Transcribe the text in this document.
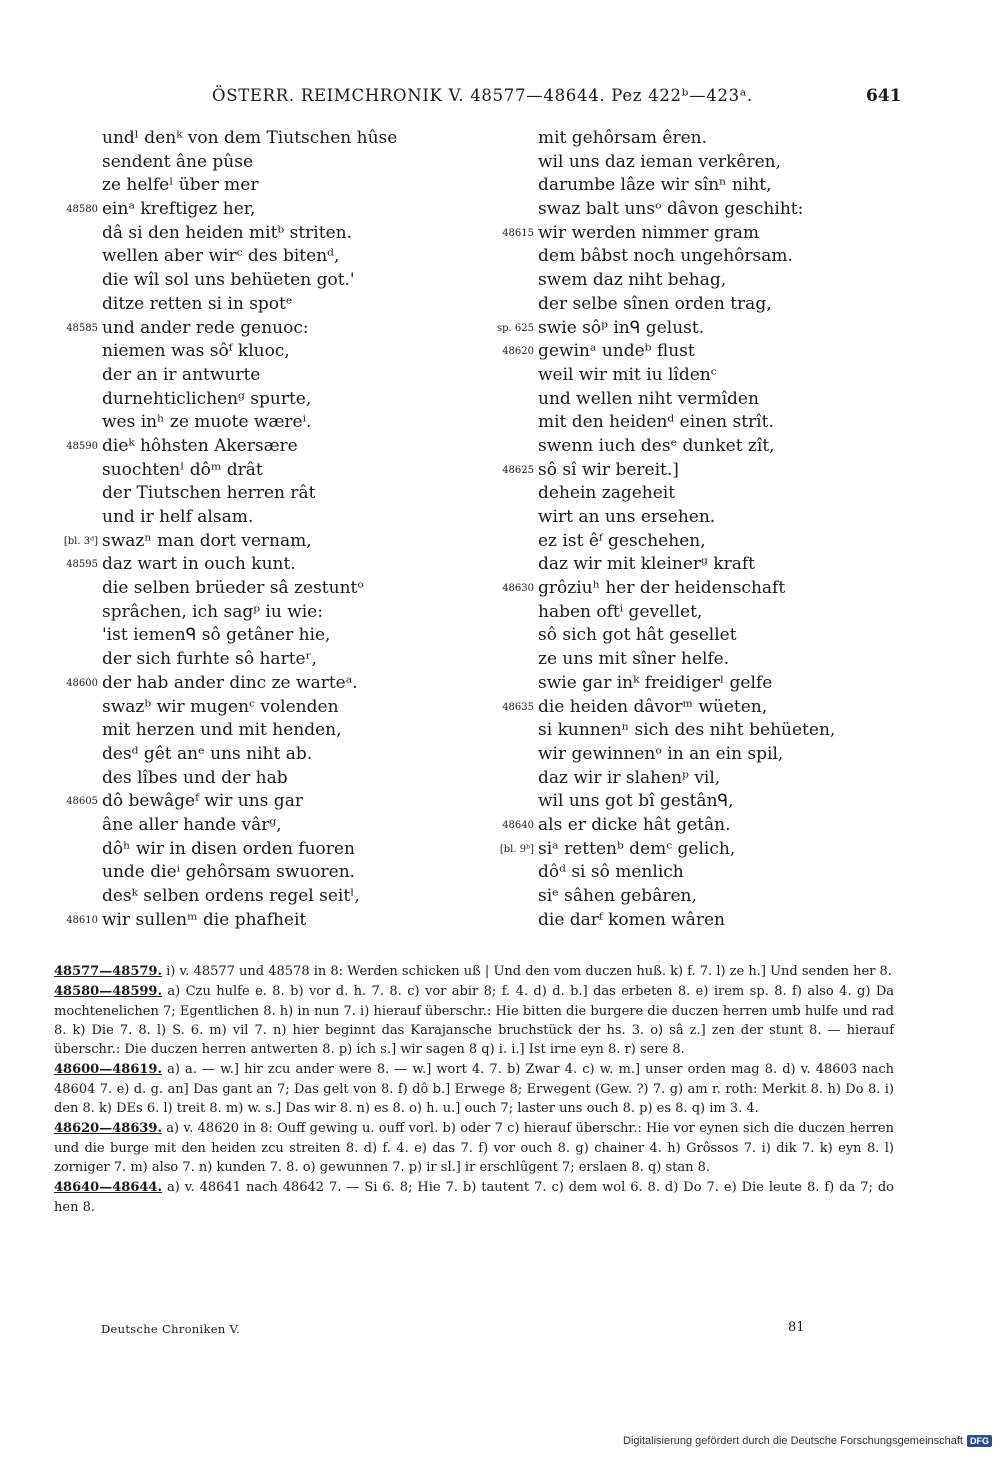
ÖSTERR. REIMCHRONIK V. 48577—48644. Pez 422ᵇ—423ᵃ.	641
undˡ denᵏ von dem Tiutschen hûse
sendent âne pûse
ze helfeˡ über mer
48580 einᵃ kreftigez her,
dâ si den heiden mitᵇ striten.
wellen aber wirᶜ des bitenᵈ,
die wîl sol uns behüeten got.'
ditze retten si in spotᵉ
48585 und ander rede genuoc:
niemen was sôᶠ kluoc,
der an ir antwurte
durnehticlichenᵍ spurte,
wes inʰ ze muote wæreⁱ.
48590 dieᵏ hôhsten Akersære
suochtenˡ dôᵐ drât
der Tiutschen herren rât
und ir helf alsam.
[bl. 3ᵈ] swazⁿ man dort vernam,
48595 daz wart in ouch kunt.
die selben brüeder sâ zestuntᵒ
sprâchen, ich sagᵖ iu wie:
'ist iemenᑫ sô getâner hie,
der sich furhte sô harteʳ,
48600 der hab ander dinc ze warteᵃ.
swazᵇ wir mugenᶜ volenden
mit herzen und mit henden,
desᵈ gêt anᵉ uns niht ab.
des lîbes und der hab
48605 dô bewâgeᶠ wir uns gar
âne aller hande vârᵍ,
dôʰ wir in disen orden fuoren
unde dieⁱ gehôrsam swuoren.
desᵏ selben ordens regel seitˡ,
48610 wir sullenᵐ die phafheit
mit gehôrsam êren.
wil uns daz ieman verkêren,
darumbe lâze wir sînⁿ niht,
swaz balt unsᵒ dâvon geschiht:
48615 wir werden nimmer gram
dem bâbst noch ungehôrsam.
swem daz niht behag,
der selbe sînen orden trag,
sp. 625 swie sôᵖ inᑫ gelust.
48620 gewinᵃ undeᵇ flust
weil wir mit iu lîdenᶜ
und wellen niht vermîden
mit den heidenᵈ einen strît.
swenn iuch desᵉ dunket zît,
48625 sô sî wir bereit.]
dehein zageheit
wirt an uns ersehen.
ez ist êᶠ geschehen,
daz wir mit kleinerᵍ kraft
48630 grôziuʰ her der heidenschaft
haben oftⁱ gevellet,
sô sich got hât gesellet
ze uns mit sîner helfe.
swie gar inᵏ freidigerˡ gelfe
48635 die heiden dâvorᵐ wüeten,
si kunnenⁿ sich des niht behüeten,
wir gewinnenᵒ in an ein spil,
daz wir ir slahenᵖ vil,
wil uns got bî gestânᑫ,
48640 als er dicke hât getân.
[bl. 9ᵇ] siᵃ rettenᵇ demᶜ gelich,
dôᵈ si sô menlich
siᵉ sâhen gebâren,
die darᶠ komen wâren
48577—48579. i) v. 48577 und 48578 in 8: Werden schicken uß | Und den vom duczen huß. k) f. 7. l) ze h.] Und senden her 8.
48580—48599. a) Czu hulfe e. 8. b) vor d. h. 7. 8. c) vor abir 8; f. 4. d) d. b.] das erbeten 8. e) irem sp. 8. f) also 4. g) Da mochtenelichen 7; Egentlichen 8. h) in nun 7. i) hierauf überschr.: Hie bitten die burgere die duczen herren umb hulfe und rad 8. k) Die 7. 8. l) S. 6. m) vil 7. n) hier beginnt das Karajansche bruchstück der hs. 3. o) sâ z.] zen der stunt 8. — hierauf überschr.: Die duczen herren antwerten 8. p) ich s.] wir sagen 8 q) i. i.] Ist irne eyn 8. r) sere 8.
48600—48619. a) a. — w.] hir zcu ander were 8. — w.] wort 4. 7. b) Zwar 4. c) w. m.] unser orden mag 8. d) v. 48603 nach 48604 7. e) d. g. an] Das gant an 7; Das gelt von 8. f) dô b.] Erwege 8; Erwegent (Gew. ?) 7. g) am r. roth: Merkit 8. h) Do 8. i) den 8. k) DEs 6. l) treit 8. m) w. s.] Das wir 8. n) es 8. o) h. u.] ouch 7; laster uns ouch 8. p) es 8. q) im 3. 4.
48620—48639. a) v. 48620 in 8: Ouff gewing u. ouff vorl. b) oder 7 c) hierauf überschr.: Hie vor eynen sich die duczen herren und die burge mit den heiden zcu streiten 8. d) f. 4. e) das 7. f) vor ouch 8. g) chainer 4. h) Grôssos 7. i) dik 7. k) eyn 8. l) zorniger 7. m) also 7. n) kunden 7. 8. o) gewunnen 7. p) ir sl.] ir erschlûgent 7; erslaen 8. q) stan 8.
48640—48644. a) v. 48641 nach 48642 7. — Si 6. 8; Hie 7. b) tautent 7. c) dem wol 6. 8. d) Do 7. e) Die leute 8. f) da 7; do hen 8.
Deutsche Chroniken V.	81
Digitalisierung gefördert durch die Deutsche Forschungsgemeinschaft DFG
